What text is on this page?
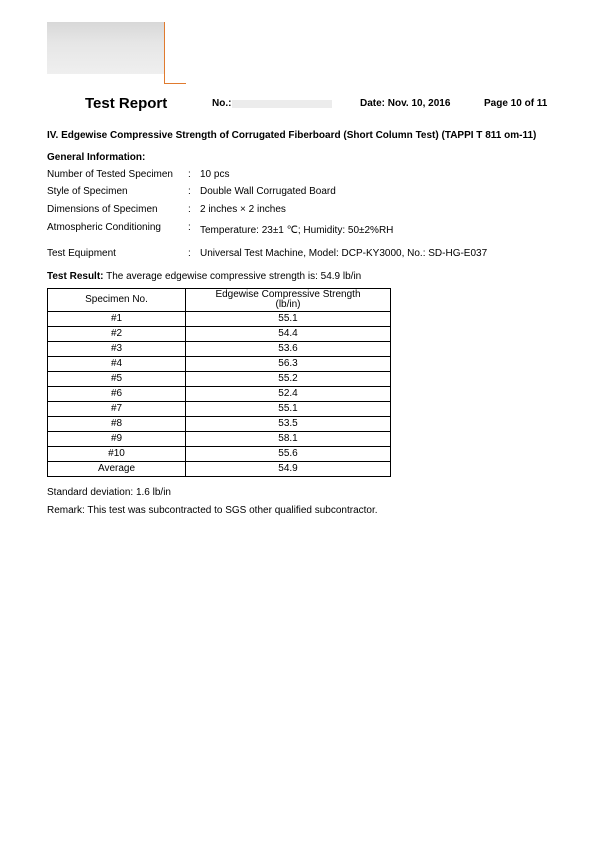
Test Report	No.:	Date: Nov. 10, 2016	Page 10 of 11
IV. Edgewise Compressive Strength of Corrugated Fiberboard (Short Column Test) (TAPPI T 811 om-11)
General Information:
Number of Tested Specimen : 10 pcs
Style of Specimen	: Double Wall Corrugated Board
Dimensions of Specimen	: 2 inches × 2 inches
Atmospheric Conditioning	: Temperature: 23±1 ℃; Humidity: 50±2%RH
Test Equipment	: Universal Test Machine, Model: DCP-KY3000, No.: SD-HG-E037
Test Result: The average edgewise compressive strength is: 54.9 lb/in
Specimen No.	Edgewise Compressive Strength
(lb/in)
#1	55.1
#2	54.4
#3	53.6
#4	56.3
#5	55.2
#6	52.4
#7	55.1
#8	53.5
#9	58.1
#10	55.6
Average	54.9
Standard deviation: 1.6 lb/in
Remark: This test was subcontracted to SGS other qualified subcontractor.
